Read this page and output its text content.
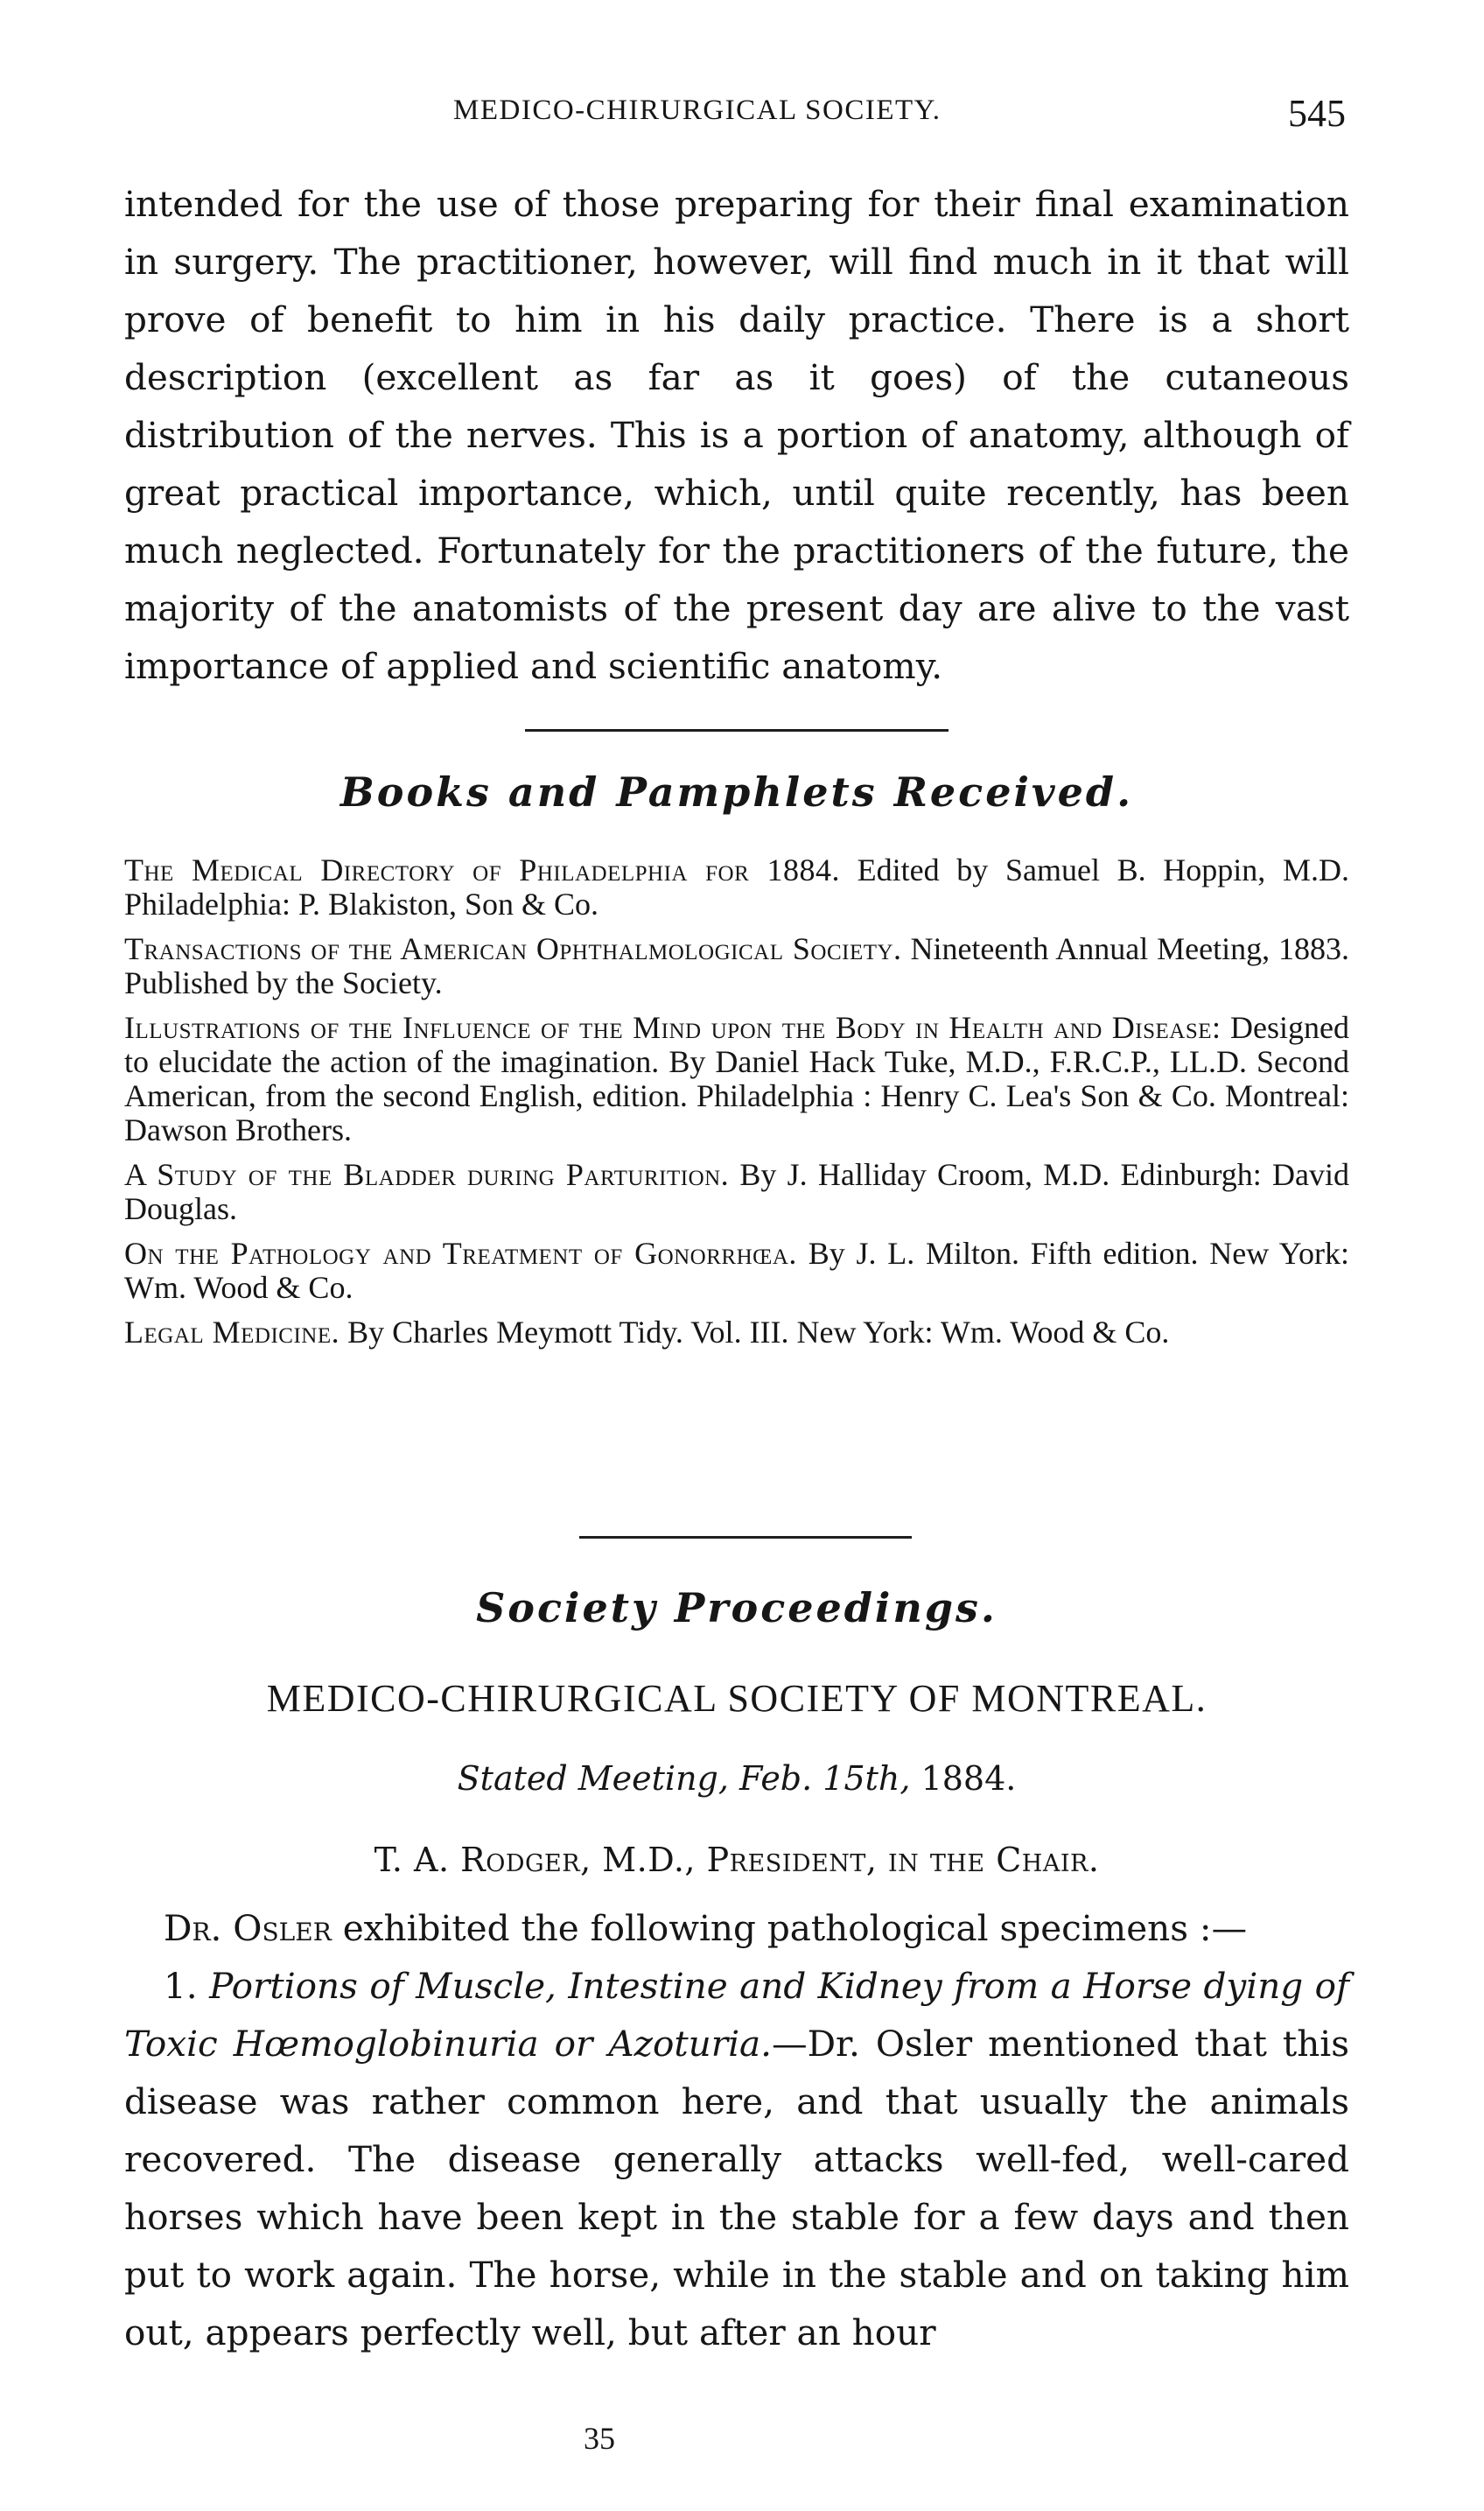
MEDICO-CHIRURGICAL SOCIETY.	545

intended for the use of those preparing for their final examination in surgery. The practitioner, however, will find much in it that will prove of benefit to him in his daily practice. There is a short description (excellent as far as it goes) of the cutaneous distribution of the nerves. This is a portion of anatomy, although of great practical importance, which, until quite recently, has been much neglected. Fortunately for the practitioners of the future, the majority of the anatomists of the present day are alive to the vast importance of applied and scientific anatomy.

Books and Pamphlets Received.

The Medical Directory of Philadelphia for 1884. Edited by Samuel B. Hoppin, M.D. Philadelphia: P. Blakiston, Son & Co.

Transactions of the American Ophthalmological Society. Nineteenth Annual Meeting, 1883. Published by the Society.

Illustrations of the Influence of the Mind upon the Body in Health and Disease: Designed to elucidate the action of the imagination. By Daniel Hack Tuke, M.D., F.R.C.P., LL.D. Second American, from the second English, edition. Philadelphia : Henry C. Lea's Son & Co. Montreal: Dawson Brothers.

A Study of the Bladder during Parturition. By J. Halliday Croom, M.D. Edinburgh: David Douglas.

On the Pathology and Treatment of Gonorrhœa. By J. L. Milton. Fifth edition. New York: Wm. Wood & Co.

Legal Medicine. By Charles Meymott Tidy. Vol. III. New York: Wm. Wood & Co.

Society Proceedings.
MEDICO-CHIRURGICAL SOCIETY OF MONTREAL.
Stated Meeting, Feb. 15th, 1884.
T. A. Rodger, M.D., President, in the Chair.
Dr. Osler exhibited the following pathological specimens :—
1. Portions of Muscle, Intestine and Kidney from a Horse dying of Toxic Hœmoglobinuria or Azoturia.—Dr. Osler mentioned that this disease was rather common here, and that usually the animals recovered. The disease generally attacks well-fed, well-cared horses which have been kept in the stable for a few days and then put to work again. The horse, while in the stable and on taking him out, appears perfectly well, but after an hour
35
